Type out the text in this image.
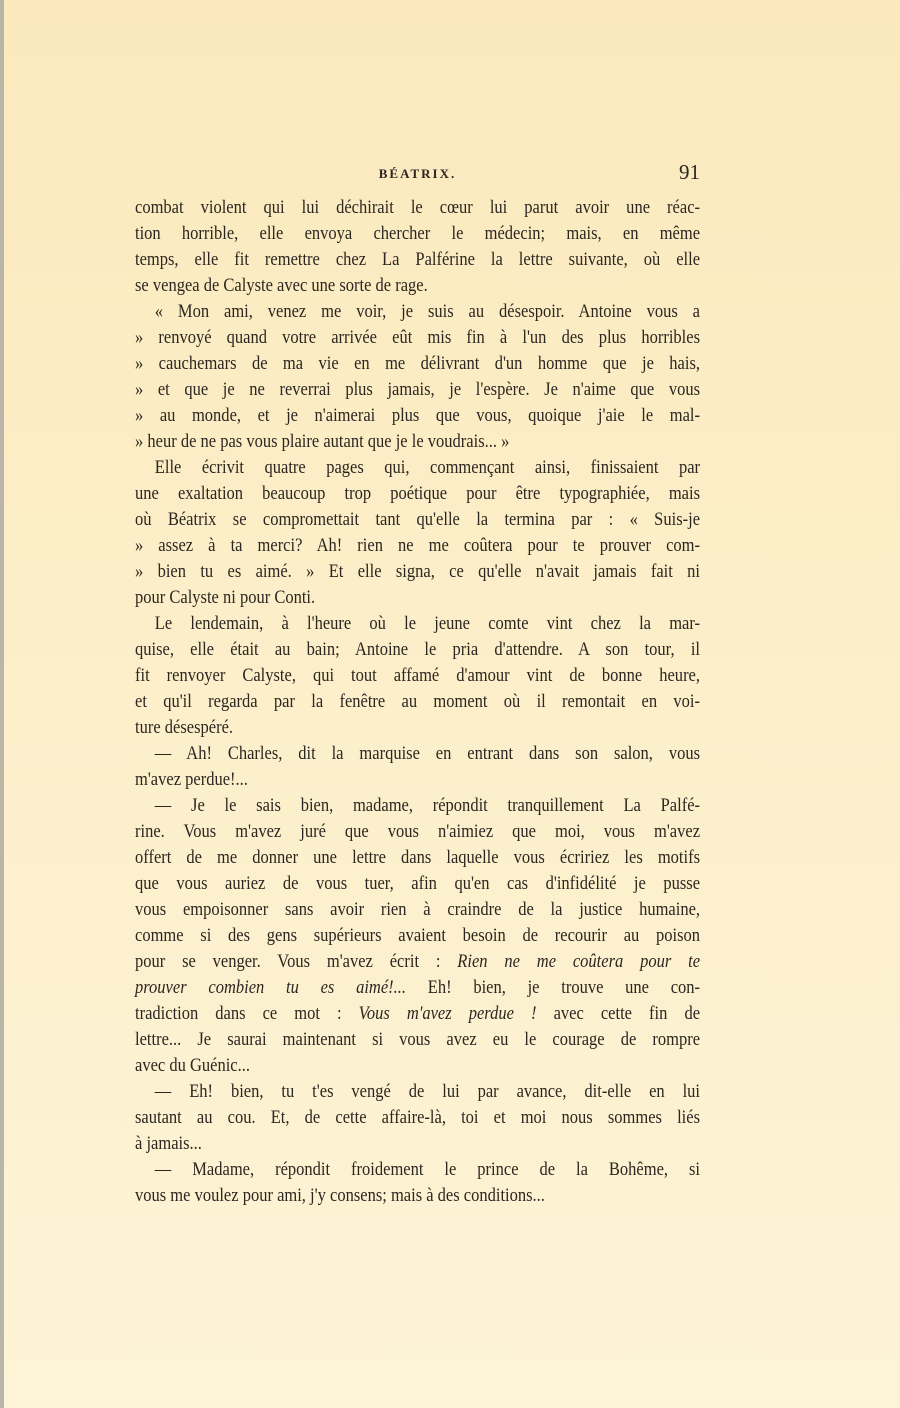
BÉATRIX.	91
combat violent qui lui déchirait le cœur lui parut avoir une réac-
tion horrible, elle envoya chercher le médecin; mais, en même
temps, elle fit remettre chez La Palférine la lettre suivante, où elle
se vengea de Calyste avec une sorte de rage.
« Mon ami, venez me voir, je suis au désespoir. Antoine vous a
» renvoyé quand votre arrivée eût mis fin à l'un des plus horribles
» cauchemars de ma vie en me délivrant d'un homme que je hais,
» et que je ne reverrai plus jamais, je l'espère. Je n'aime que vous
» au monde, et je n'aimerai plus que vous, quoique j'aie le mal-
» heur de ne pas vous plaire autant que je le voudrais... »
Elle écrivit quatre pages qui, commençant ainsi, finissaient par
une exaltation beaucoup trop poétique pour être typographiée, mais
où Béatrix se compromettait tant qu'elle la termina par : « Suis-je
» assez à ta merci? Ah! rien ne me coûtera pour te prouver com-
» bien tu es aimé. » Et elle signa, ce qu'elle n'avait jamais fait ni
pour Calyste ni pour Conti.
Le lendemain, à l'heure où le jeune comte vint chez la mar-
quise, elle était au bain; Antoine le pria d'attendre. A son tour, il
fit renvoyer Calyste, qui tout affamé d'amour vint de bonne heure,
et qu'il regarda par la fenêtre au moment où il remontait en voi-
ture désespéré.
— Ah! Charles, dit la marquise en entrant dans son salon, vous
m'avez perdue!...
— Je le sais bien, madame, répondit tranquillement La Palfé-
rine. Vous m'avez juré que vous n'aimiez que moi, vous m'avez
offert de me donner une lettre dans laquelle vous écririez les motifs
que vous auriez de vous tuer, afin qu'en cas d'infidélité je pusse
vous empoisonner sans avoir rien à craindre de la justice humaine,
comme si des gens supérieurs avaient besoin de recourir au poison
pour se venger. Vous m'avez écrit : Rien ne me coûtera pour te
prouver combien tu es aimé!... Eh! bien, je trouve une con-
tradiction dans ce mot : Vous m'avez perdue ! avec cette fin de
lettre... Je saurai maintenant si vous avez eu le courage de rompre
avec du Guénic...
— Eh! bien, tu t'es vengé de lui par avance, dit-elle en lui
sautant au cou. Et, de cette affaire-là, toi et moi nous sommes liés
à jamais...
— Madame, répondit froidement le prince de la Bohême, si
vous me voulez pour ami, j'y consens; mais à des conditions...
